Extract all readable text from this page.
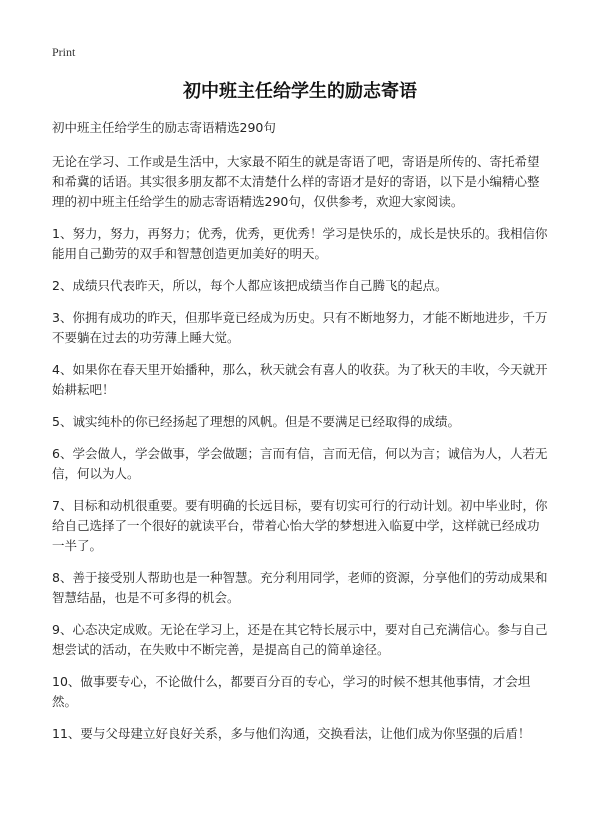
Print
初中班主任给学生的励志寄语

初中班主任给学生的励志寄语精选290句

无论在学习、工作或是生活中，大家最不陌生的就是寄语了吧，寄语是所传的、寄托希望和希冀的话语。其实很多朋友都不太清楚什么样的寄语才是好的寄语，以下是小编精心整理的初中班主任给学生的励志寄语精选290句，仅供参考，欢迎大家阅读。

1、努力，努力，再努力；优秀，优秀，更优秀！学习是快乐的，成长是快乐的。我相信你能用自己勤劳的双手和智慧创造更加美好的明天。

2、成绩只代表昨天，所以，每个人都应该把成绩当作自己腾飞的起点。

3、你拥有成功的昨天，但那毕竟已经成为历史。只有不断地努力，才能不断地进步，千万不要躺在过去的功劳薄上睡大觉。

4、如果你在春天里开始播种，那么，秋天就会有喜人的收获。为了秋天的丰收，今天就开始耕耘吧！

5、诚实纯朴的你已经扬起了理想的风帆。但是不要满足已经取得的成绩。

6、学会做人，学会做事，学会做题；言而有信，言而无信，何以为言；诚信为人，人若无信，何以为人。

7、目标和动机很重要。要有明确的长远目标，要有切实可行的行动计划。初中毕业时，你给自己选择了一个很好的就读平台，带着心怡大学的梦想进入临夏中学，这样就已经成功一半了。

8、善于接受别人帮助也是一种智慧。充分利用同学，老师的资源，分享他们的劳动成果和智慧结晶，也是不可多得的机会。

9、心态决定成败。无论在学习上，还是在其它特长展示中，要对自己充满信心。参与自己想尝试的活动，在失败中不断完善，是提高自己的简单途径。

10、做事要专心，不论做什么，都要百分百的专心，学习的时候不想其他事情，才会坦然。

11、要与父母建立好良好关系，多与他们沟通，交换看法，让他们成为你坚强的后盾！
